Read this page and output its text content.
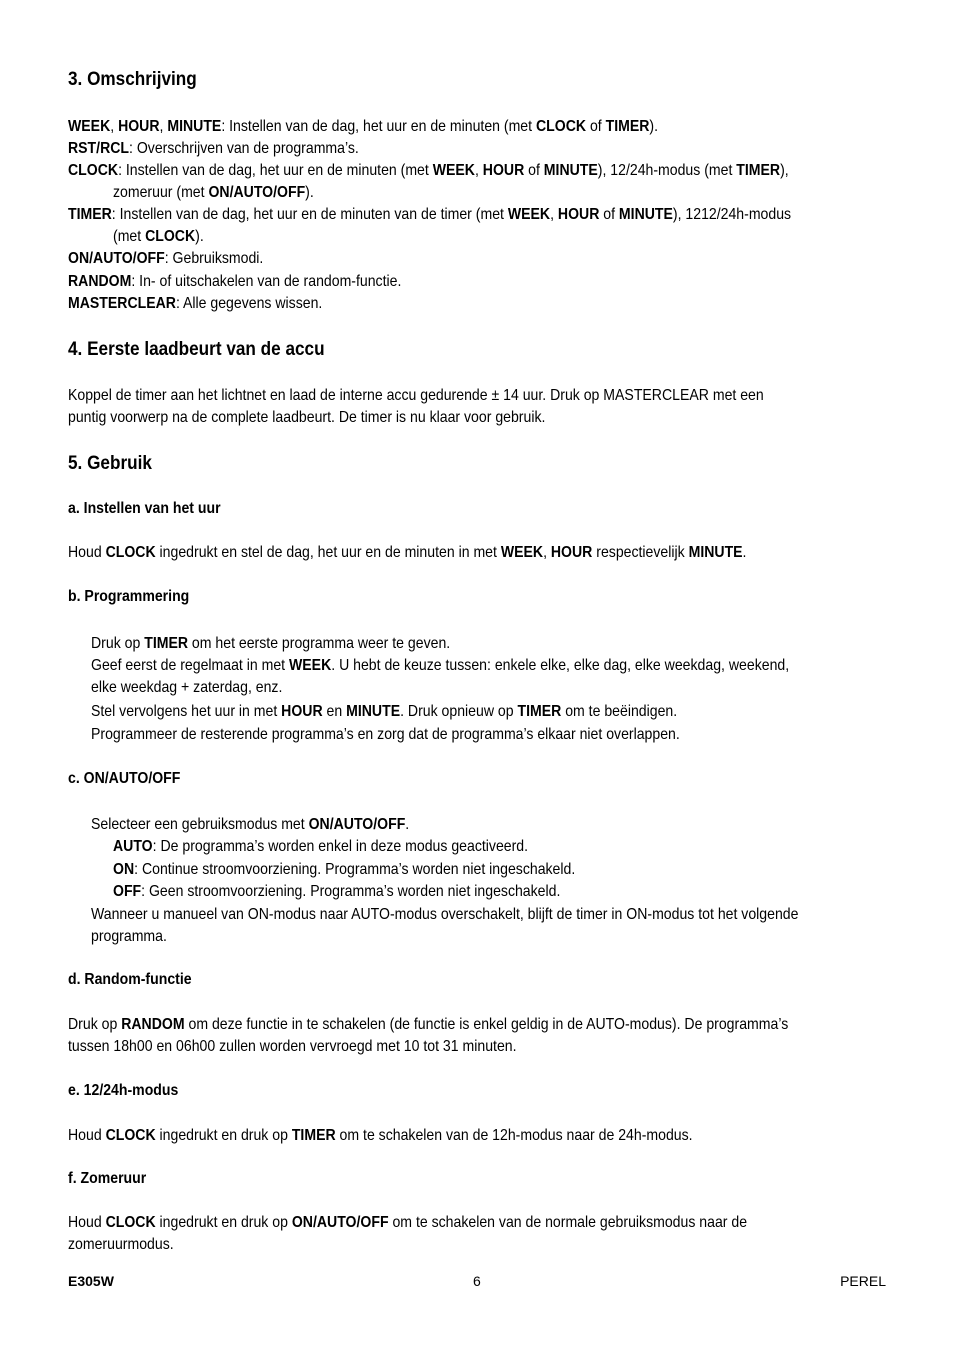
3. Omschrijving
WEEK, HOUR, MINUTE: Instellen van de dag, het uur en de minuten (met CLOCK of TIMER).
RST/RCL: Overschrijven van de programma’s.
CLOCK: Instellen van de dag, het uur en de minuten (met WEEK, HOUR of MINUTE), 12/24h-modus (met TIMER),
zomeruur (met ON/AUTO/OFF).
TIMER: Instellen van de dag, het uur en de minuten van de timer (met WEEK, HOUR of MINUTE), 1212/24h-modus
(met CLOCK).
ON/AUTO/OFF: Gebruiksmodi.
RANDOM: In- of uitschakelen van de random-functie.
MASTERCLEAR: Alle gegevens wissen.
4. Eerste laadbeurt van de accu
Koppel de timer aan het lichtnet en laad de interne accu gedurende ± 14 uur. Druk op MASTERCLEAR met een
puntig voorwerp na de complete laadbeurt. De timer is nu klaar voor gebruik.
5. Gebruik
a. Instellen van het uur
Houd CLOCK ingedrukt en stel de dag, het uur en de minuten in met WEEK, HOUR respectievelijk MINUTE.
b. Programmering
Druk op TIMER om het eerste programma weer te geven.
Geef eerst de regelmaat in met WEEK. U hebt de keuze tussen: enkele elke, elke dag, elke weekdag, weekend,
elke weekdag + zaterdag, enz.
Stel vervolgens het uur in met HOUR en MINUTE. Druk opnieuw op TIMER om te beëindigen.
Programmeer de resterende programma’s en zorg dat de programma’s elkaar niet overlappen.
c. ON/AUTO/OFF
Selecteer een gebruiksmodus met ON/AUTO/OFF.
AUTO: De programma’s worden enkel in deze modus geactiveerd.
ON: Continue stroomvoorziening. Programma’s worden niet ingeschakeld.
OFF: Geen stroomvoorziening. Programma’s worden niet ingeschakeld.
Wanneer u manueel van ON-modus naar AUTO-modus overschakelt, blijft de timer in ON-modus tot het volgende
programma.
d. Random-functie
Druk op RANDOM om deze functie in te schakelen (de functie is enkel geldig in de AUTO-modus). De programma’s
tussen 18h00 en 06h00 zullen worden vervroegd met 10 tot 31 minuten.
e. 12/24h-modus
Houd CLOCK ingedrukt en druk op TIMER om te schakelen van de 12h-modus naar de 24h-modus.
f. Zomeruur
Houd CLOCK ingedrukt en druk op ON/AUTO/OFF om te schakelen van de normale gebruiksmodus naar de
zomeruurmodus.
E305W	6	PEREL
